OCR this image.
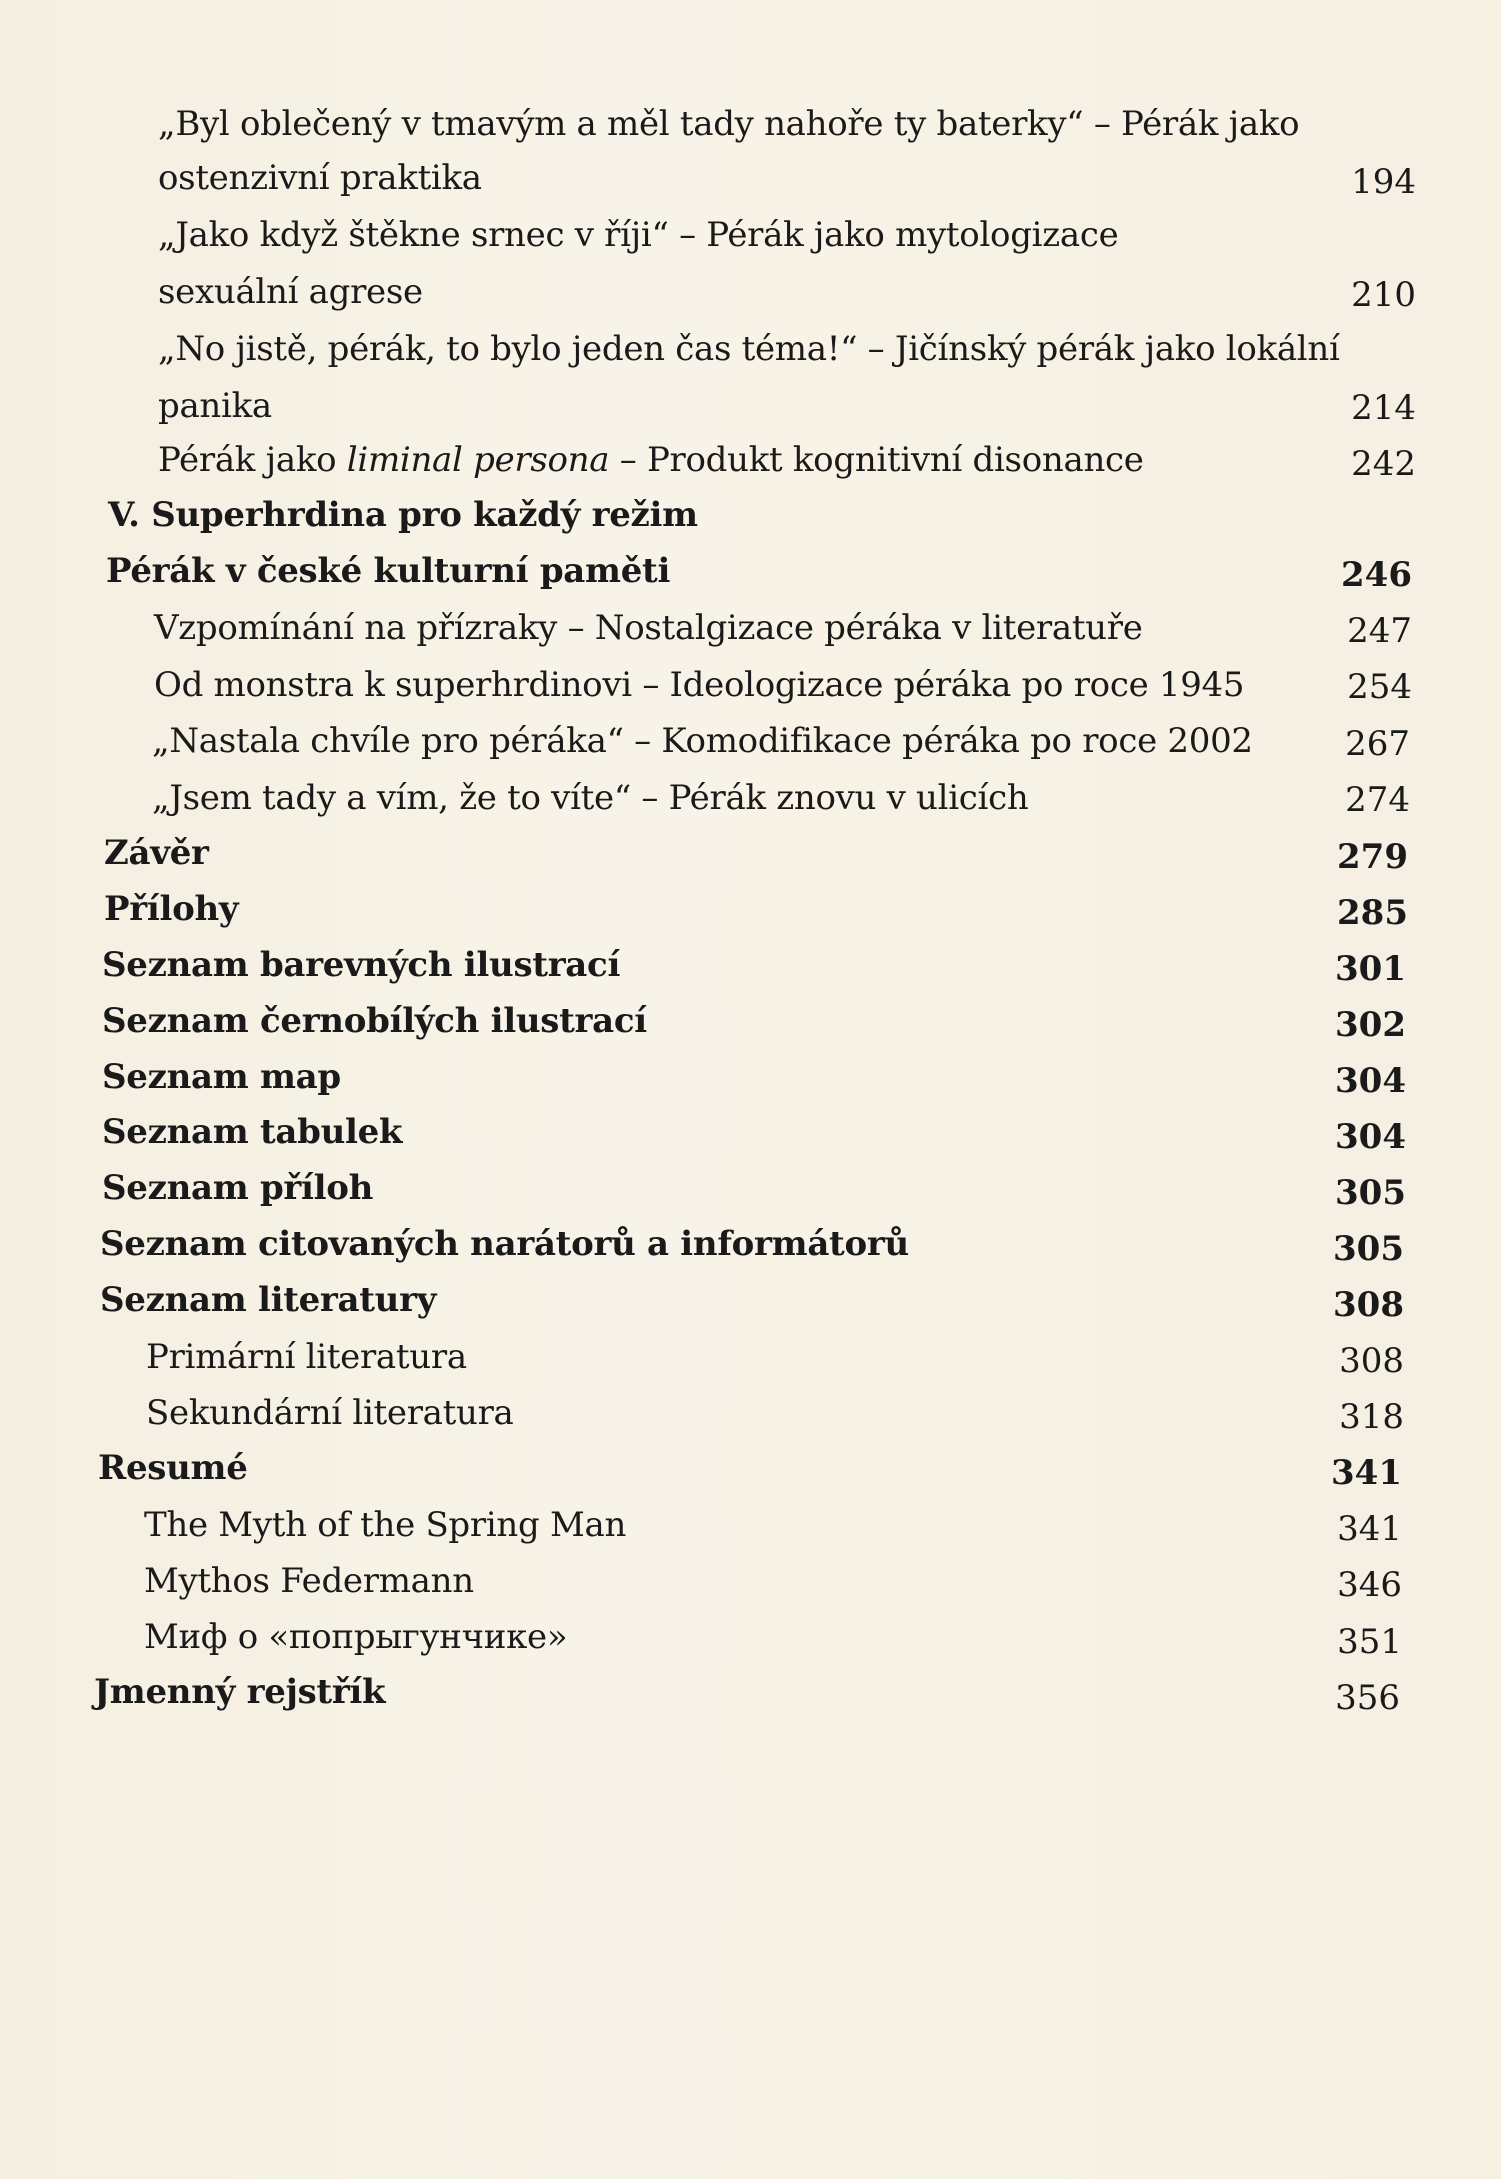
„Byl oblečený v tmavým a měl tady nahoře ty baterky“ – Pérák jako
ostenzivní praktika	194
„Jako když štěkne srnec v říji“ – Pérák jako mytologizace
sexuální agrese	210
„No jistě, pérák, to bylo jeden čas téma!“ – Jičínský pérák jako lokální
panika	214
Pérák jako liminal persona – Produkt kognitivní disonance	242
V. Superhrdina pro každý režim
Pérák v české kulturní paměti	246
Vzpomínání na přízraky – Nostalgizace péráka v literatuře	247
Od monstra k superhrdinovi – Ideologizace péráka po roce 1945	254
„Nastala chvíle pro péráka“ – Komodifikace péráka po roce 2002	267
„Jsem tady a vím, že to víte“ – Pérák znovu v ulicích	274
Závěr	279
Přílohy	285
Seznam barevných ilustrací	301
Seznam černobílých ilustrací	302
Seznam map	304
Seznam tabulek	304
Seznam příloh	305
Seznam citovaných narátorů a informátorů	305
Seznam literatury	308
Primární literatura	308
Sekundární literatura	318
Resumé	341
The Myth of the Spring Man	341
Mythos Federmann	346
Миф о «попрыгунчике»	351
Jmenný rejstřík	356
